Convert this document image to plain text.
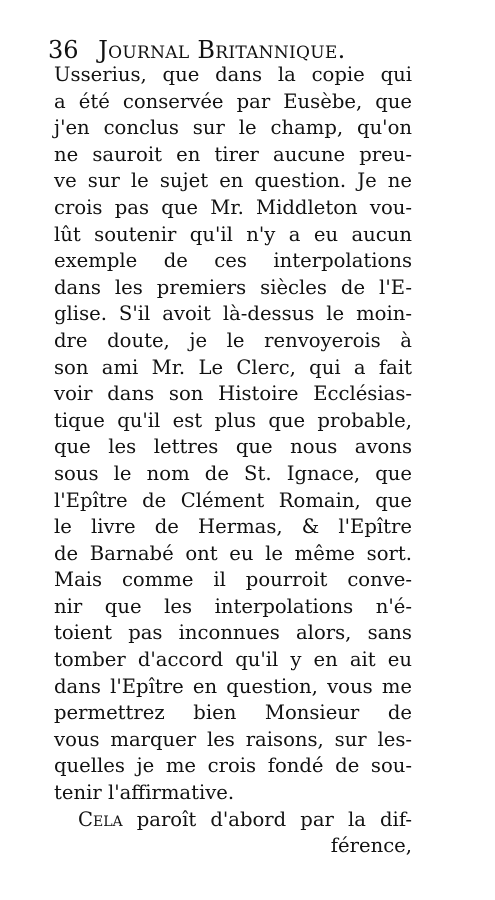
36 Journal Britannique.
Usserius, que dans la copie qui
a été conservée par Eusèbe, que
j'en conclus sur le champ, qu'on
ne sauroit en tirer aucune preu-
ve sur le sujet en question. Je ne
crois pas que Mr. Middleton vou-
lût soutenir qu'il n'y a eu aucun
exemple de ces interpolations
dans les premiers siècles de l'E-
glise. S'il avoit là-dessus le moin-
dre doute, je le renvoyerois à
son ami Mr. Le Clerc, qui a fait
voir dans son Histoire Ecclésias-
tique qu'il est plus que probable,
que les lettres que nous avons
sous le nom de St. Ignace, que
l'Epître de Clément Romain, que
le livre de Hermas, & l'Epître
de Barnabé ont eu le même sort.
Mais comme il pourroit conve-
nir que les interpolations n'é-
toient pas inconnues alors, sans
tomber d'accord qu'il y en ait eu
dans l'Epître en question, vous me
permettrez bien Monsieur de
vous marquer les raisons, sur les-
quelles je me crois fondé de sou-
tenir l'affirmative.
Cela paroît d'abord par la dif-
férence,
